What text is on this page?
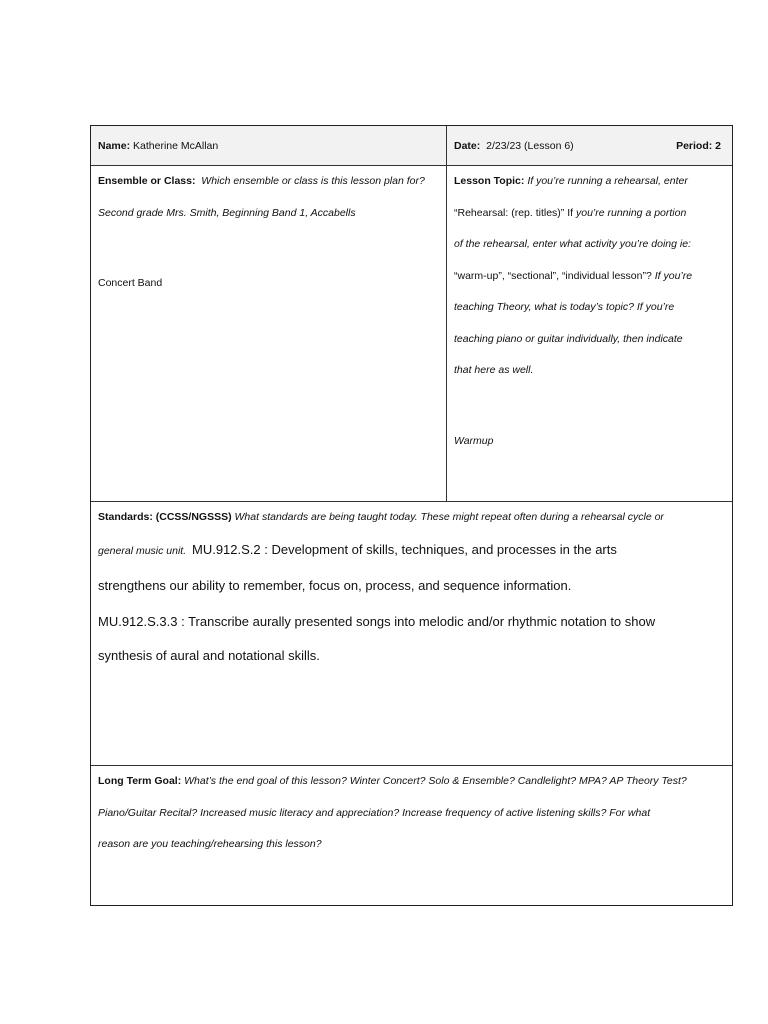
Name:
Katherine McAllan	Date: 2/23/23 (Lesson 6)	Period: 2
Ensemble or Class: Which ensemble or class is this lesson plan for?
Second grade Mrs. Smith, Beginning Band 1, Accabells
Concert Band
Lesson Topic: If you’re running a rehearsal, enter
“Rehearsal: (rep. titles)” If you’re running a portion
of the rehearsal, enter what activity you’re doing ie:
“warm-up”, “sectional”, “individual lesson”? If you’re
teaching Theory, what is today’s topic? If you’re
teaching piano or guitar individually, then indicate
that here as well.
Warmup
Standards: (CCSS/NGSSS) What standards are being taught today. These might repeat often during a rehearsal cycle or
general music unit. MU.912.S.2 : Development of skills, techniques, and processes in the arts
strengthens our ability to remember, focus on, process, and sequence information.
MU.912.S.3.3 : Transcribe aurally presented songs into melodic and/or rhythmic notation to show
synthesis of aural and notational skills.
Long Term Goal: What’s the end goal of this lesson? Winter Concert? Solo & Ensemble? Candlelight? MPA? AP Theory Test?
Piano/Guitar Recital? Increased music literacy and appreciation? Increase frequency of active listening skills? For what
reason are you teaching/rehearsing this lesson?
